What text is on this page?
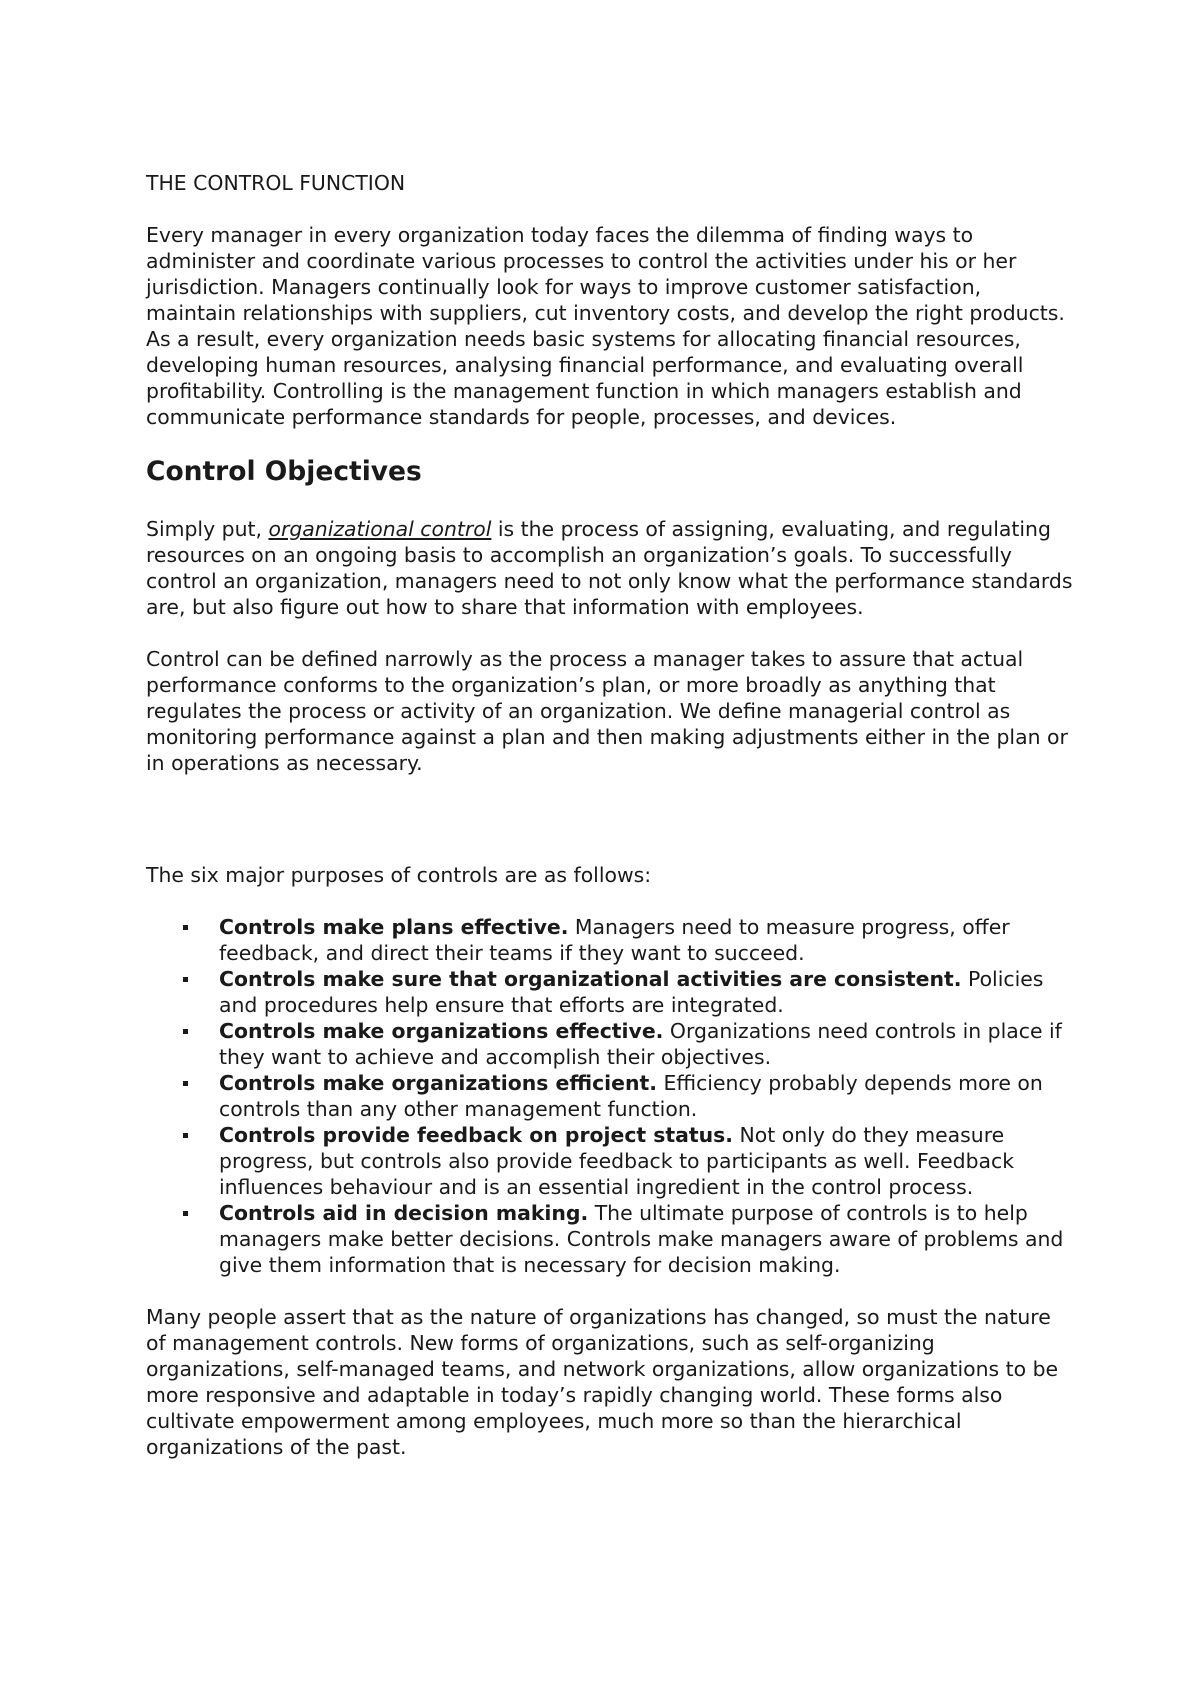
THE CONTROL FUNCTION

Every manager in every organization today faces the dilemma of finding ways to administer and coordinate various processes to control the activities under his or her jurisdiction. Managers continually look for ways to improve customer satisfaction, maintain relationships with suppliers, cut inventory costs, and develop the right products. As a result, every organization needs basic systems for allocating financial resources, developing human resources, analysing financial performance, and evaluating overall profitability. Controlling is the management function in which managers establish and communicate performance standards for people, processes, and devices.

Control Objectives

Simply put, organizational control is the process of assigning, evaluating, and regulating resources on an ongoing basis to accomplish an organization’s goals. To successfully control an organization, managers need to not only know what the performance standards are, but also figure out how to share that information with employees.

Control can be defined narrowly as the process a manager takes to assure that actual performance conforms to the organization’s plan, or more broadly as anything that regulates the process or activity of an organization. We define managerial control as monitoring performance against a plan and then making adjustments either in the plan or in operations as necessary.

The six major purposes of controls are as follows:

Controls make plans effective. Managers need to measure progress, offer feedback, and direct their teams if they want to succeed.
Controls make sure that organizational activities are consistent. Policies and procedures help ensure that efforts are integrated.
Controls make organizations effective. Organizations need controls in place if they want to achieve and accomplish their objectives.
Controls make organizations efficient. Efficiency probably depends more on controls than any other management function.
Controls provide feedback on project status. Not only do they measure progress, but controls also provide feedback to participants as well. Feedback influences behaviour and is an essential ingredient in the control process.
Controls aid in decision making. The ultimate purpose of controls is to help managers make better decisions. Controls make managers aware of problems and give them information that is necessary for decision making.

Many people assert that as the nature of organizations has changed, so must the nature of management controls. New forms of organizations, such as self-organizing organizations, self-managed teams, and network organizations, allow organizations to be more responsive and adaptable in today’s rapidly changing world. These forms also cultivate empowerment among employees, much more so than the hierarchical organizations of the past.
